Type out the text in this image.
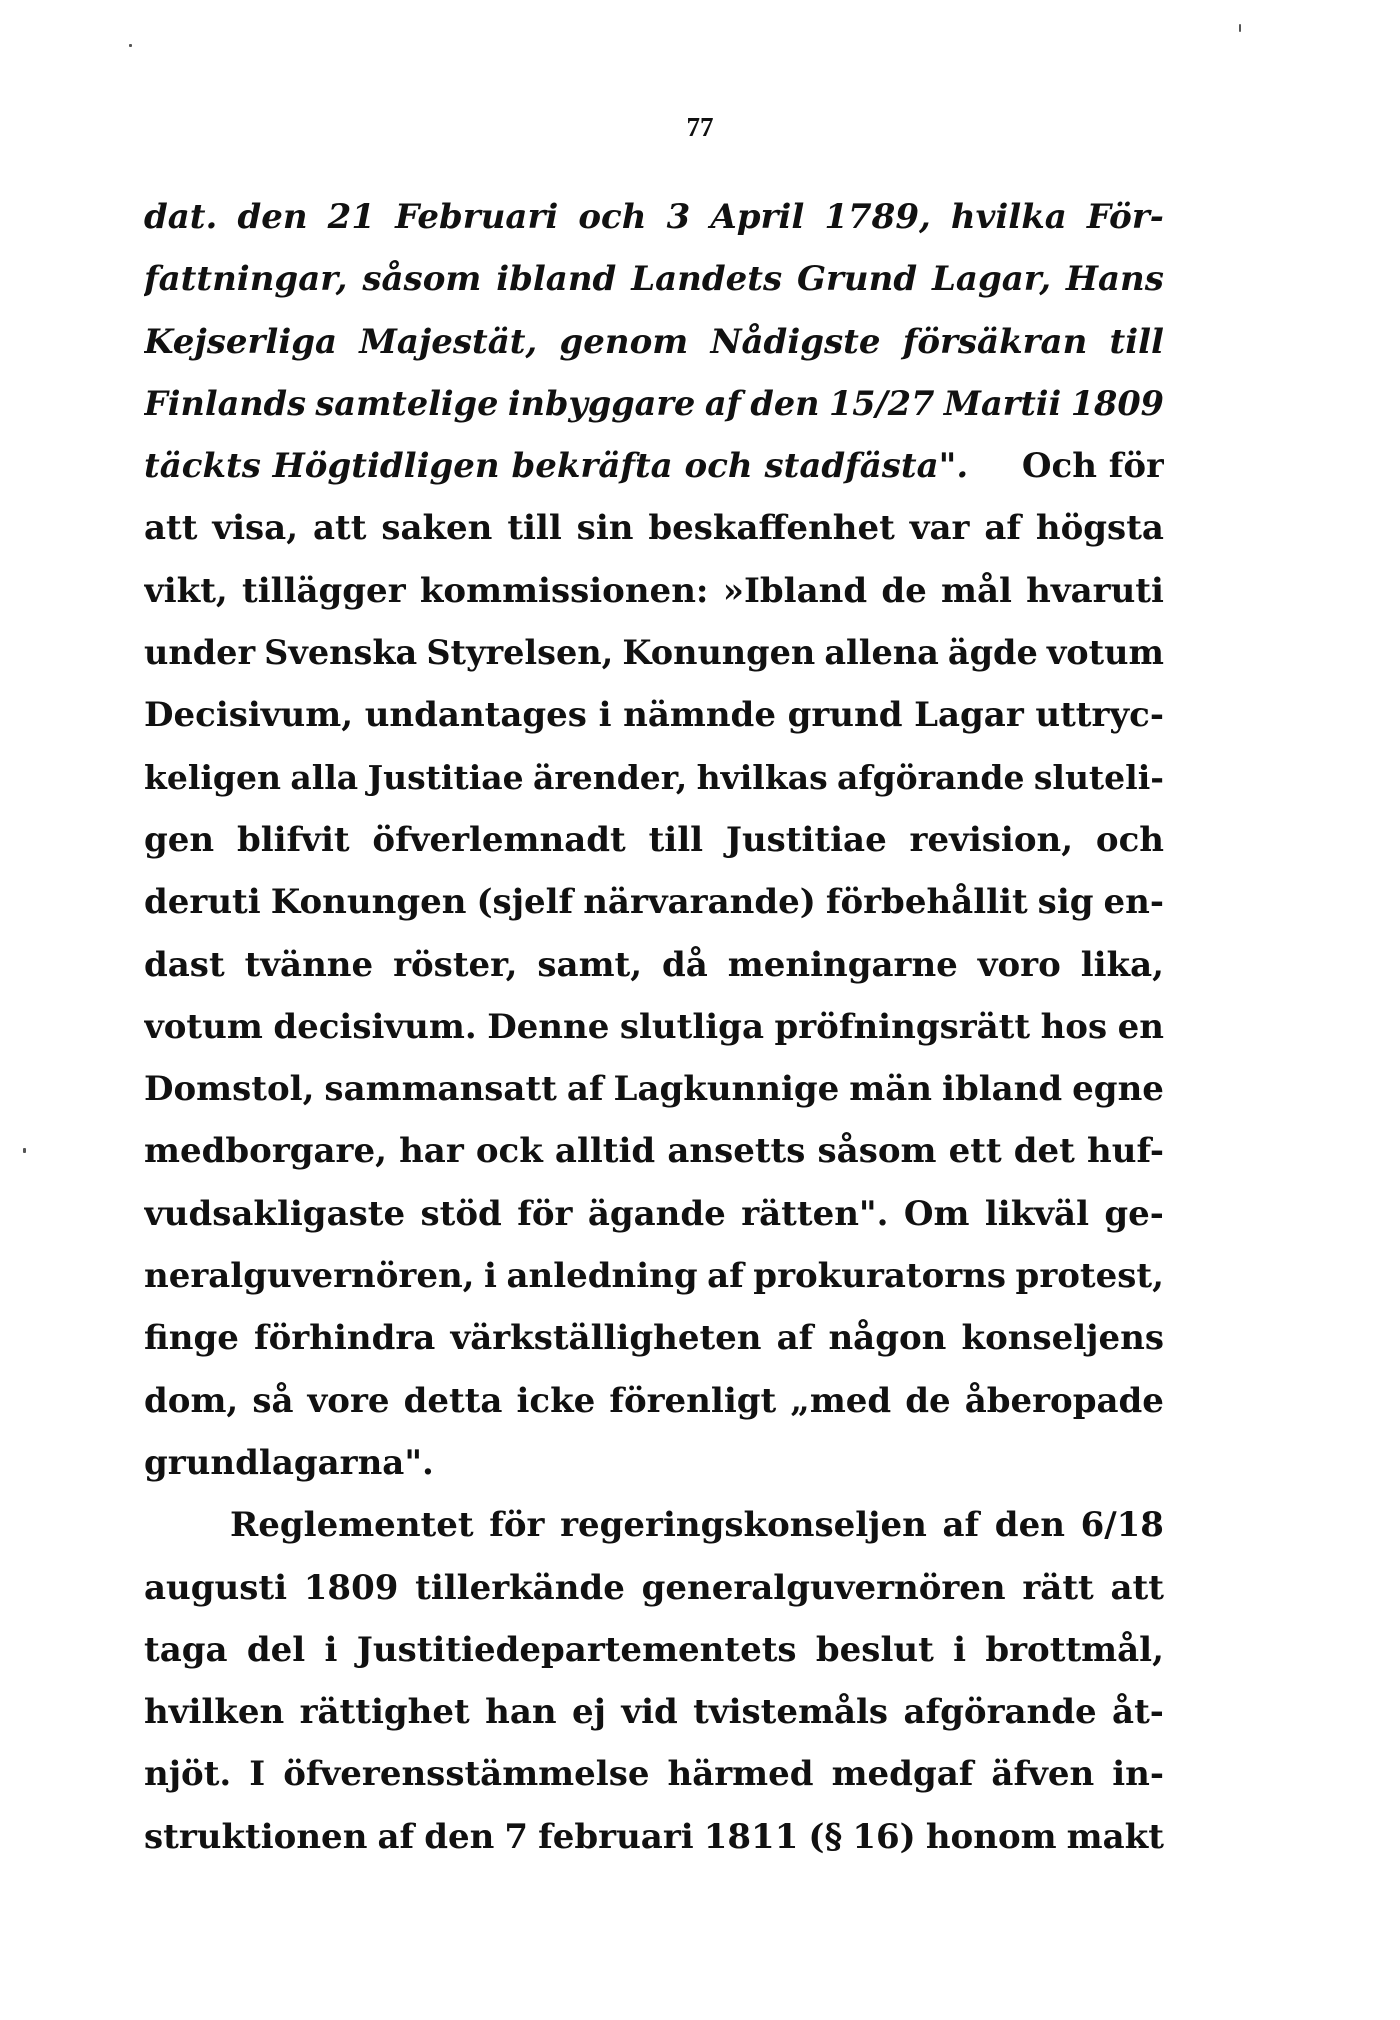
77
dat. den 21 Februari och 3 April 1789, hvilka För-
fattningar, såsom ibland Landets Grund Lagar, Hans
Kejserliga Majestät, genom Nådigste försäkran till
Finlands samtelige inbyggare af den 15/27 Martii 1809
täckts Högtidligen bekräfta och stadfästa". Och för
att visa, att saken till sin beskaffenhet var af högsta
vikt, tillägger kommissionen: »Ibland de mål hvaruti
under Svenska Styrelsen, Konungen allena ägde votum
Decisivum, undantages i nämnde grund Lagar uttryc-
keligen alla Justitiae ärender, hvilkas afgörande sluteli-
gen blifvit öfverlemnadt till Justitiae revision, och
deruti Konungen (sjelf närvarande) förbehållit sig en-
dast tvänne röster, samt, då meningarne voro lika,
votum decisivum. Denne slutliga pröfningsrätt hos en
Domstol, sammansatt af Lagkunnige män ibland egne
medborgare, har ock alltid ansetts såsom ett det huf-
vudsakligaste stöd för ägande rätten". Om likväl ge-
neralguvernören, i anledning af prokuratorns protest,
finge förhindra värkställigheten af någon konseljens
dom, så vore detta icke förenligt „med de åberopade
grundlagarna".
Reglementet för regeringskonseljen af den 6/18
augusti 1809 tillerkände generalguvernören rätt att
taga del i Justitiedepartementets beslut i brottmål,
hvilken rättighet han ej vid tvistemåls afgörande åt-
njöt. I öfverensstämmelse härmed medgaf äfven in-
struktionen af den 7 februari 1811 (§ 16) honom makt
